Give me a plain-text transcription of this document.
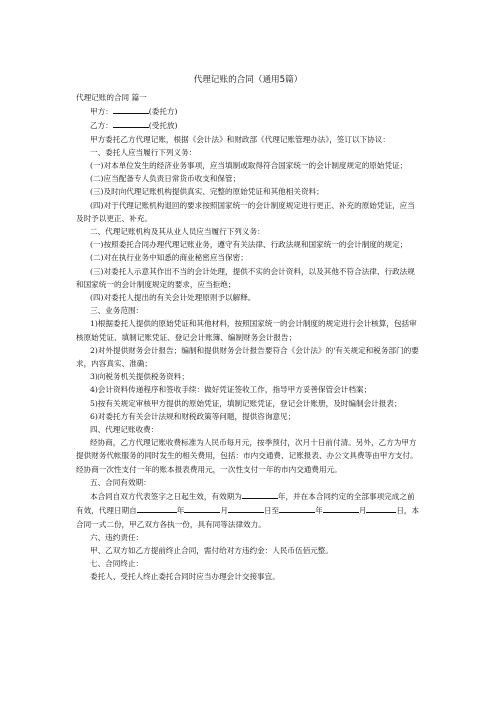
代理记账的合同（通用5篇）

代理记账的合同 篇一

甲方：	(委托方)

乙方：	(受托放)

甲方委托乙方代理记账，根据《会计法》和财政部《代理记账管理办法》，签订以下协议：

一、委托人应当履行下列义务：

(一)对本单位发生的经济业务事项，应当填制或取得符合国家统一的会计制度规定的原始凭证；

(二)应当配备专人负责日常货币收支和保管；

(三)及时向代理记账机构提供真实、完整的原始凭证和其他相关资料；

(四)对于代理记账机构退回的要求按照国家统一的会计制度规定进行更正、补充的原始凭证，应当及时予以更正、补充。

二、代理记账机构及其从业人员应当履行下列义务：

(一)按照委托合同办理代理记账业务，遵守有关法律、行政法规和国家统一的会计制度的规定；

(二)对在执行业务中知悉的商业秘密应当保密；

(三)对委托人示意其作出不当的会计处理，提供不实的会计资料，以及其他不符合法律、行政法规和国家统一的会计制度规定的要求，应当拒绝；

(四)对委托人提出的有关会计处理原则予以解释。

三、业务范围：

1)根据委托人提供的原始凭证和其他材料，按照国家统一的会计制度的规定进行会计核算，包括审核原始凭证、填制记账凭证、登记会计账簿、编制财务会计报告；

2)对外提供财务会计报告；编制和提供财务会计报告要符合《会计法》的'有关规定和税务部门的要求，内容真实、准确；

3)向税务机关提供税务资料；

4)会计资料传递程序和签收手续：做好凭证签收工作，指导甲方妥善保管会计档案；

5)按有关规定审核甲方提供的原始凭证，填制记账凭证，登记会计账册，及时编制会计报表；

6)对委托方有关会计法规和财税政策等问题，提供咨询意见；

四、代理记账收费：

经协商，乙方代理记账收费标准为人民币每月元，按季预付，次月十日前付清。另外，乙方为甲方提供财务代帐服务的同时发生的相关费用，包括：市内交通费、记账报表、办公文具费等由甲方支付。经协商一次性支付一年的账本报表费用元，一次性支付一年的市内交通费用元。

五、合同有效期：

本合同自双方代表签字之日起生效，有效期为	年，并在本合同约定的全部事项完成之前有效，代理日期自	年	月	日至	年	月	日，本合同一式二份，甲乙双方各执一份，具有同等法律效力。

六、违约责任：

甲、乙双方如乙方提前终止合同，需付给对方违约金：人民币伍佰元整。

七、合同终止：

委托人、受托人终止委托合同时应当办理会计交接事宜。
